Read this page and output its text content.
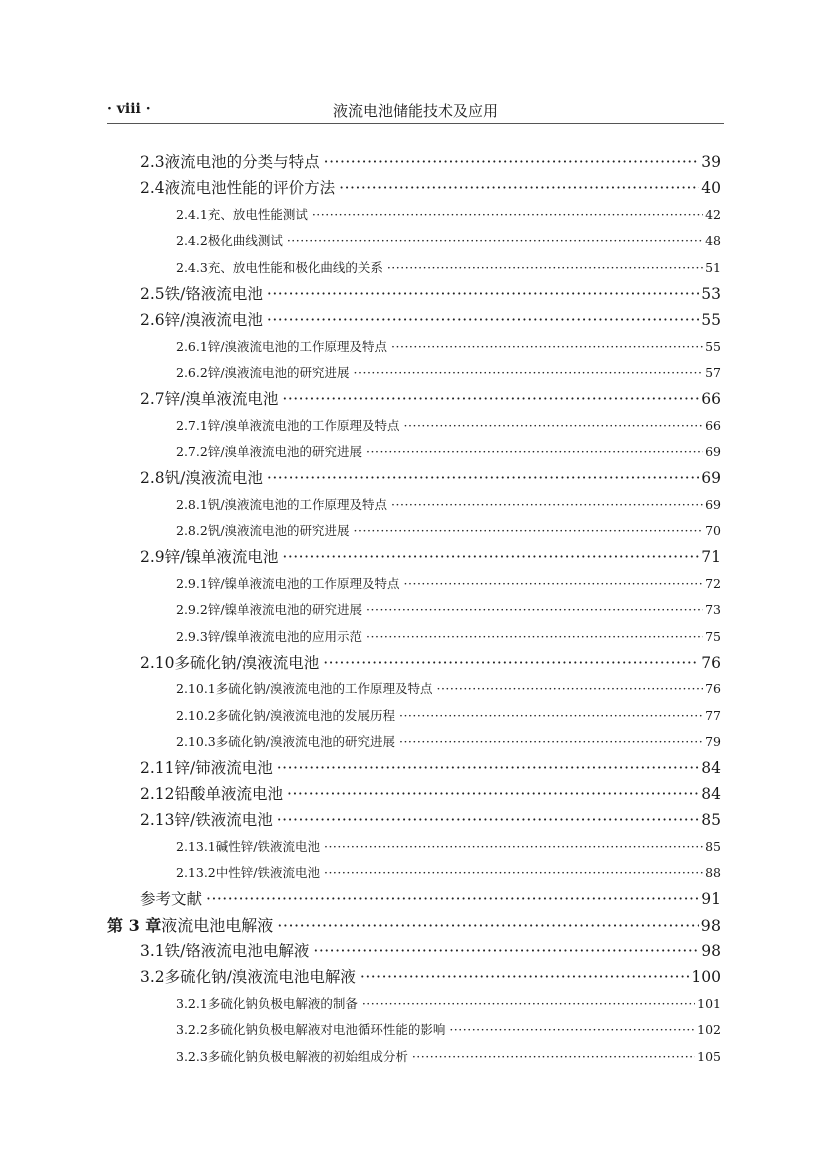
· viii ·	液流电池储能技术及应用
2.3 液流电池的分类与特点 ·····	39
2.4 液流电池性能的评价方法 ·····	40
2.4.1 充、放电性能测试 ·····	42
2.4.2 极化曲线测试 ·····	48
2.4.3 充、放电性能和极化曲线的关系 ·····	51
2.5 铁/铬液流电池 ·····	53
2.6 锌/溴液流电池 ·····	55
2.6.1 锌/溴液流电池的工作原理及特点 ·····	55
2.6.2 锌/溴液流电池的研究进展 ·····	57
2.7 锌/溴单液流电池 ·····	66
2.7.1 锌/溴单液流电池的工作原理及特点 ·····	66
2.7.2 锌/溴单液流电池的研究进展 ·····	69
2.8 钒/溴液流电池 ·····	69
2.8.1 钒/溴液流电池的工作原理及特点 ·····	69
2.8.2 钒/溴液流电池的研究进展 ·····	70
2.9 锌/镍单液流电池 ·····	71
2.9.1 锌/镍单液流电池的工作原理及特点 ·····	72
2.9.2 锌/镍单液流电池的研究进展 ·····	73
2.9.3 锌/镍单液流电池的应用示范 ·····	75
2.10 多硫化钠/溴液流电池 ·····	76
2.10.1 多硫化钠/溴液流电池的工作原理及特点 ·····	76
2.10.2 多硫化钠/溴液流电池的发展历程 ·····	77
2.10.3 多硫化钠/溴液流电池的研究进展 ·····	79
2.11 锌/铈液流电池 ·····	84
2.12 铅酸单液流电池 ·····	84
2.13 锌/铁液流电池 ·····	85
2.13.1 碱性锌/铁液流电池 ·····	85
2.13.2 中性锌/铁液流电池 ·····	88
参考文献 ·····	91
第 3 章 液流电池电解液 ·····	98
3.1 铁/铬液流电池电解液 ·····	98
3.2 多硫化钠/溴液流电池电解液 ·····	100
3.2.1 多硫化钠负极电解液的制备 ·····	101
3.2.2 多硫化钠负极电解液对电池循环性能的影响 ·····	102
3.2.3 多硫化钠负极电解液的初始组成分析 ·····	105
